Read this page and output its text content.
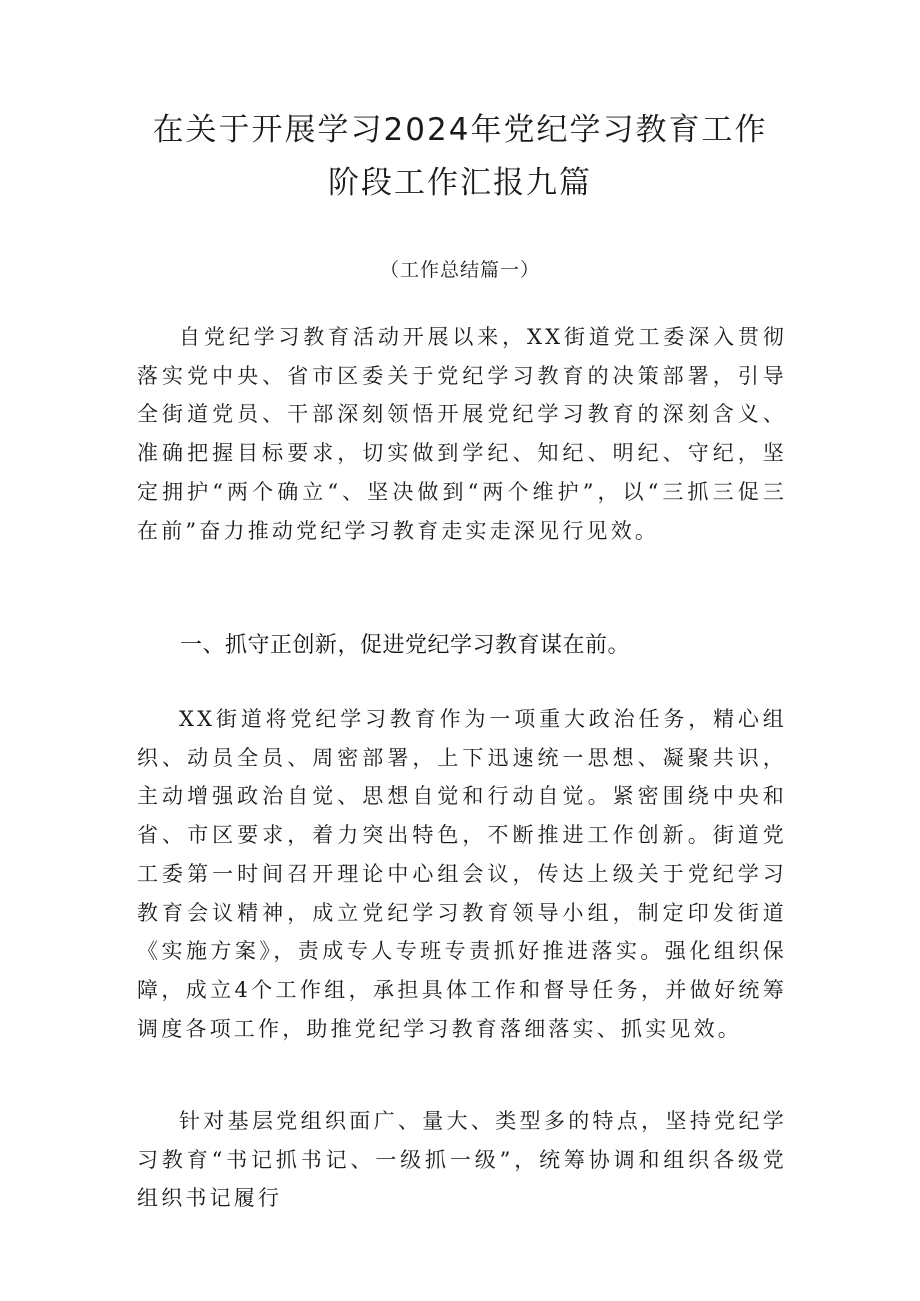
在关于开展学习2024年党纪学习教育工作
阶段工作汇报九篇
（工作总结篇一）

自党纪学习教育活动开展以来，XX街道党工委深入贯彻落实党中央、省市区委关于党纪学习教育的决策部署，引导全街道党员、干部深刻领悟开展党纪学习教育的深刻含义、准确把握目标要求，切实做到学纪、知纪、明纪、守纪，坚定拥护“两个确立“、坚决做到“两个维护”，以“三抓三促三在前”奋力推动党纪学习教育走实走深见行见效。

一、抓守正创新，促进党纪学习教育谋在前。

XX街道将党纪学习教育作为一项重大政治任务，精心组织、动员全员、周密部署，上下迅速统一思想、凝聚共识，主动增强政治自觉、思想自觉和行动自觉。紧密围绕中央和省、市区要求，着力突出特色，不断推进工作创新。街道党工委第一时间召开理论中心组会议，传达上级关于党纪学习教育会议精神，成立党纪学习教育领导小组，制定印发街道《实施方案》，责成专人专班专责抓好推进落实。强化组织保障，成立4个工作组，承担具体工作和督导任务，并做好统筹调度各项工作，助推党纪学习教育落细落实、抓实见效。

针对基层党组织面广、量大、类型多的特点，坚持党纪学习教育“书记抓书记、一级抓一级”，统筹协调和组织各级党组织书记履行
